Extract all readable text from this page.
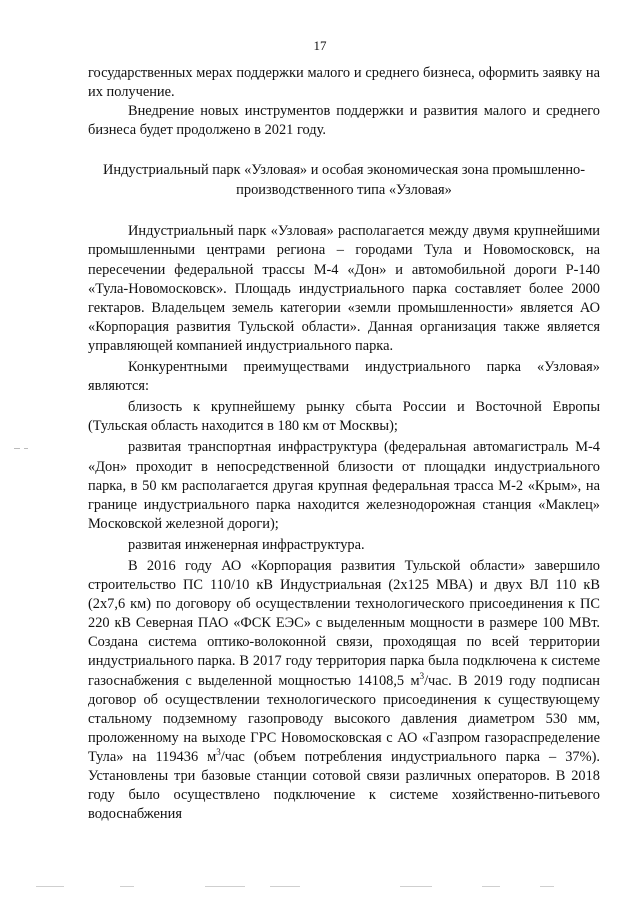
17

государственных мерах поддержки малого и среднего бизнеса, оформить заявку на их получение.

Внедрение новых инструментов поддержки и развития малого и среднего бизнеса будет продолжено в 2021 году.

Индустриальный парк «Узловая» и особая экономическая зона промышленно-производственного типа «Узловая»

Индустриальный парк «Узловая» располагается между двумя крупнейшими промышленными центрами региона – городами Тула и Новомосковск, на пересечении федеральной трассы М-4 «Дон» и автомобильной дороги Р-140 «Тула-Новомосковск». Площадь индустриального парка составляет более 2000 гектаров. Владельцем земель категории «земли промышленности» является АО «Корпорация развития Тульской области». Данная организация также является управляющей компанией индустриального парка.

Конкурентными преимуществами индустриального парка «Узловая» являются:

близость к крупнейшему рынку сбыта России и Восточной Европы (Тульская область находится в 180 км от Москвы);

развитая транспортная инфраструктура (федеральная автомагистраль М-4 «Дон» проходит в непосредственной близости от площадки индустриального парка, в 50 км располагается другая крупная федеральная трасса М-2 «Крым», на границе индустриального парка находится железнодорожная станция «Маклец» Московской железной дороги);

развитая инженерная инфраструктура.

В 2016 году АО «Корпорация развития Тульской области» завершило строительство ПС 110/10 кВ Индустриальная (2х125 МВА) и двух ВЛ 110 кВ (2х7,6 км) по договору об осуществлении технологического присоединения к ПС 220 кВ Северная ПАО «ФСК ЕЭС» с выделенным мощности в размере 100 МВт. Создана система оптико-волоконной связи, проходящая по всей территории индустриального парка. В 2017 году территория парка была подключена к системе газоснабжения с выделенной мощностью 14108,5 $м^3$/час. В 2019 году подписан договор об осуществлении технологического присоединения к существующему стальному подземному газопроводу высокого давления диаметром 530 мм, проложенному на выходе ГРС Новомосковская с АО «Газпром газораспределение Тула» на 119436 $м^3$/час (объем потребления индустриального парка – 37%). Установлены три базовые станции сотовой связи различных операторов. В 2018 году было осуществлено подключение к системе хозяйственно-питьевого водоснабжения
